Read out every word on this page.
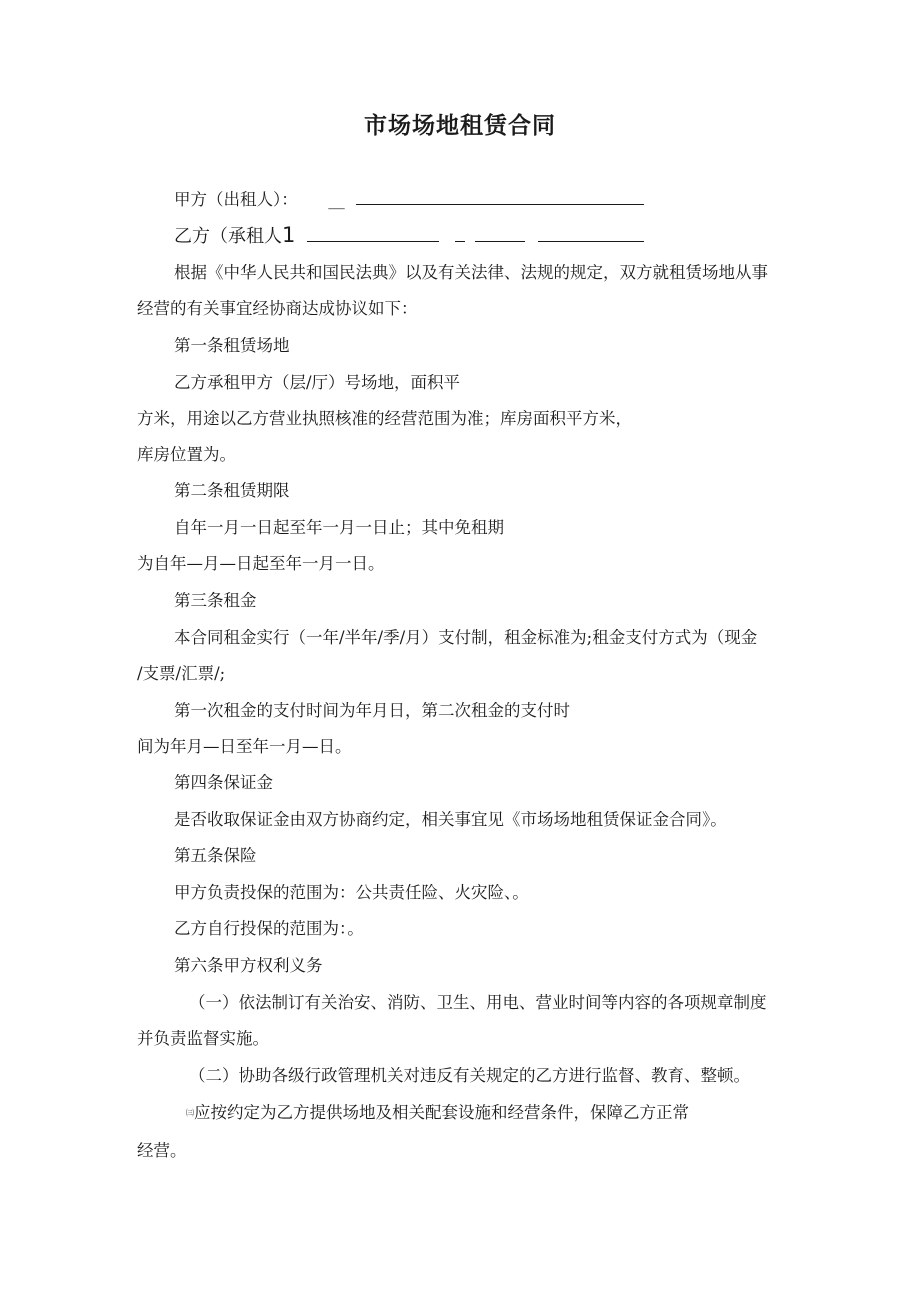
市场场地租赁合同

甲方（出租人）： __

乙方（承租人1

根据《中华人民共和国民法典》以及有关法律、法规的规定，双方就租赁场地从事

经营的有关事宜经协商达成协议如下：

第一条租赁场地

乙方承租甲方（层/厅）号场地，面积平

方米，用途以乙方营业执照核准的经营范围为准；库房面积平方米，

库房位置为。

第二条租赁期限

自年一月一日起至年一月一日止；其中免租期

为自年—月—日起至年一月一日。

第三条租金

本合同租金实行（一年/半年/季/月）支付制，租金标准为;租金支付方式为（现金

/支票/汇票/;

第一次租金的支付时间为年月日，第二次租金的支付时

间为年月—日至年一月—日。

第四条保证金

是否收取保证金由双方协商约定，相关事宜见《市场场地租赁保证金合同》。

第五条保险

甲方负责投保的范围为：公共责任险、火灾险、。

乙方自行投保的范围为：。

第六条甲方权利义务

（一）依法制订有关治安、消防、卫生、用电、营业时间等内容的各项规章制度

并负责监督实施。

（二）协助各级行政管理机关对违反有关规定的乙方进行监督、教育、整顿。

㈢应按约定为乙方提供场地及相关配套设施和经营条件，保障乙方正常

经营。
